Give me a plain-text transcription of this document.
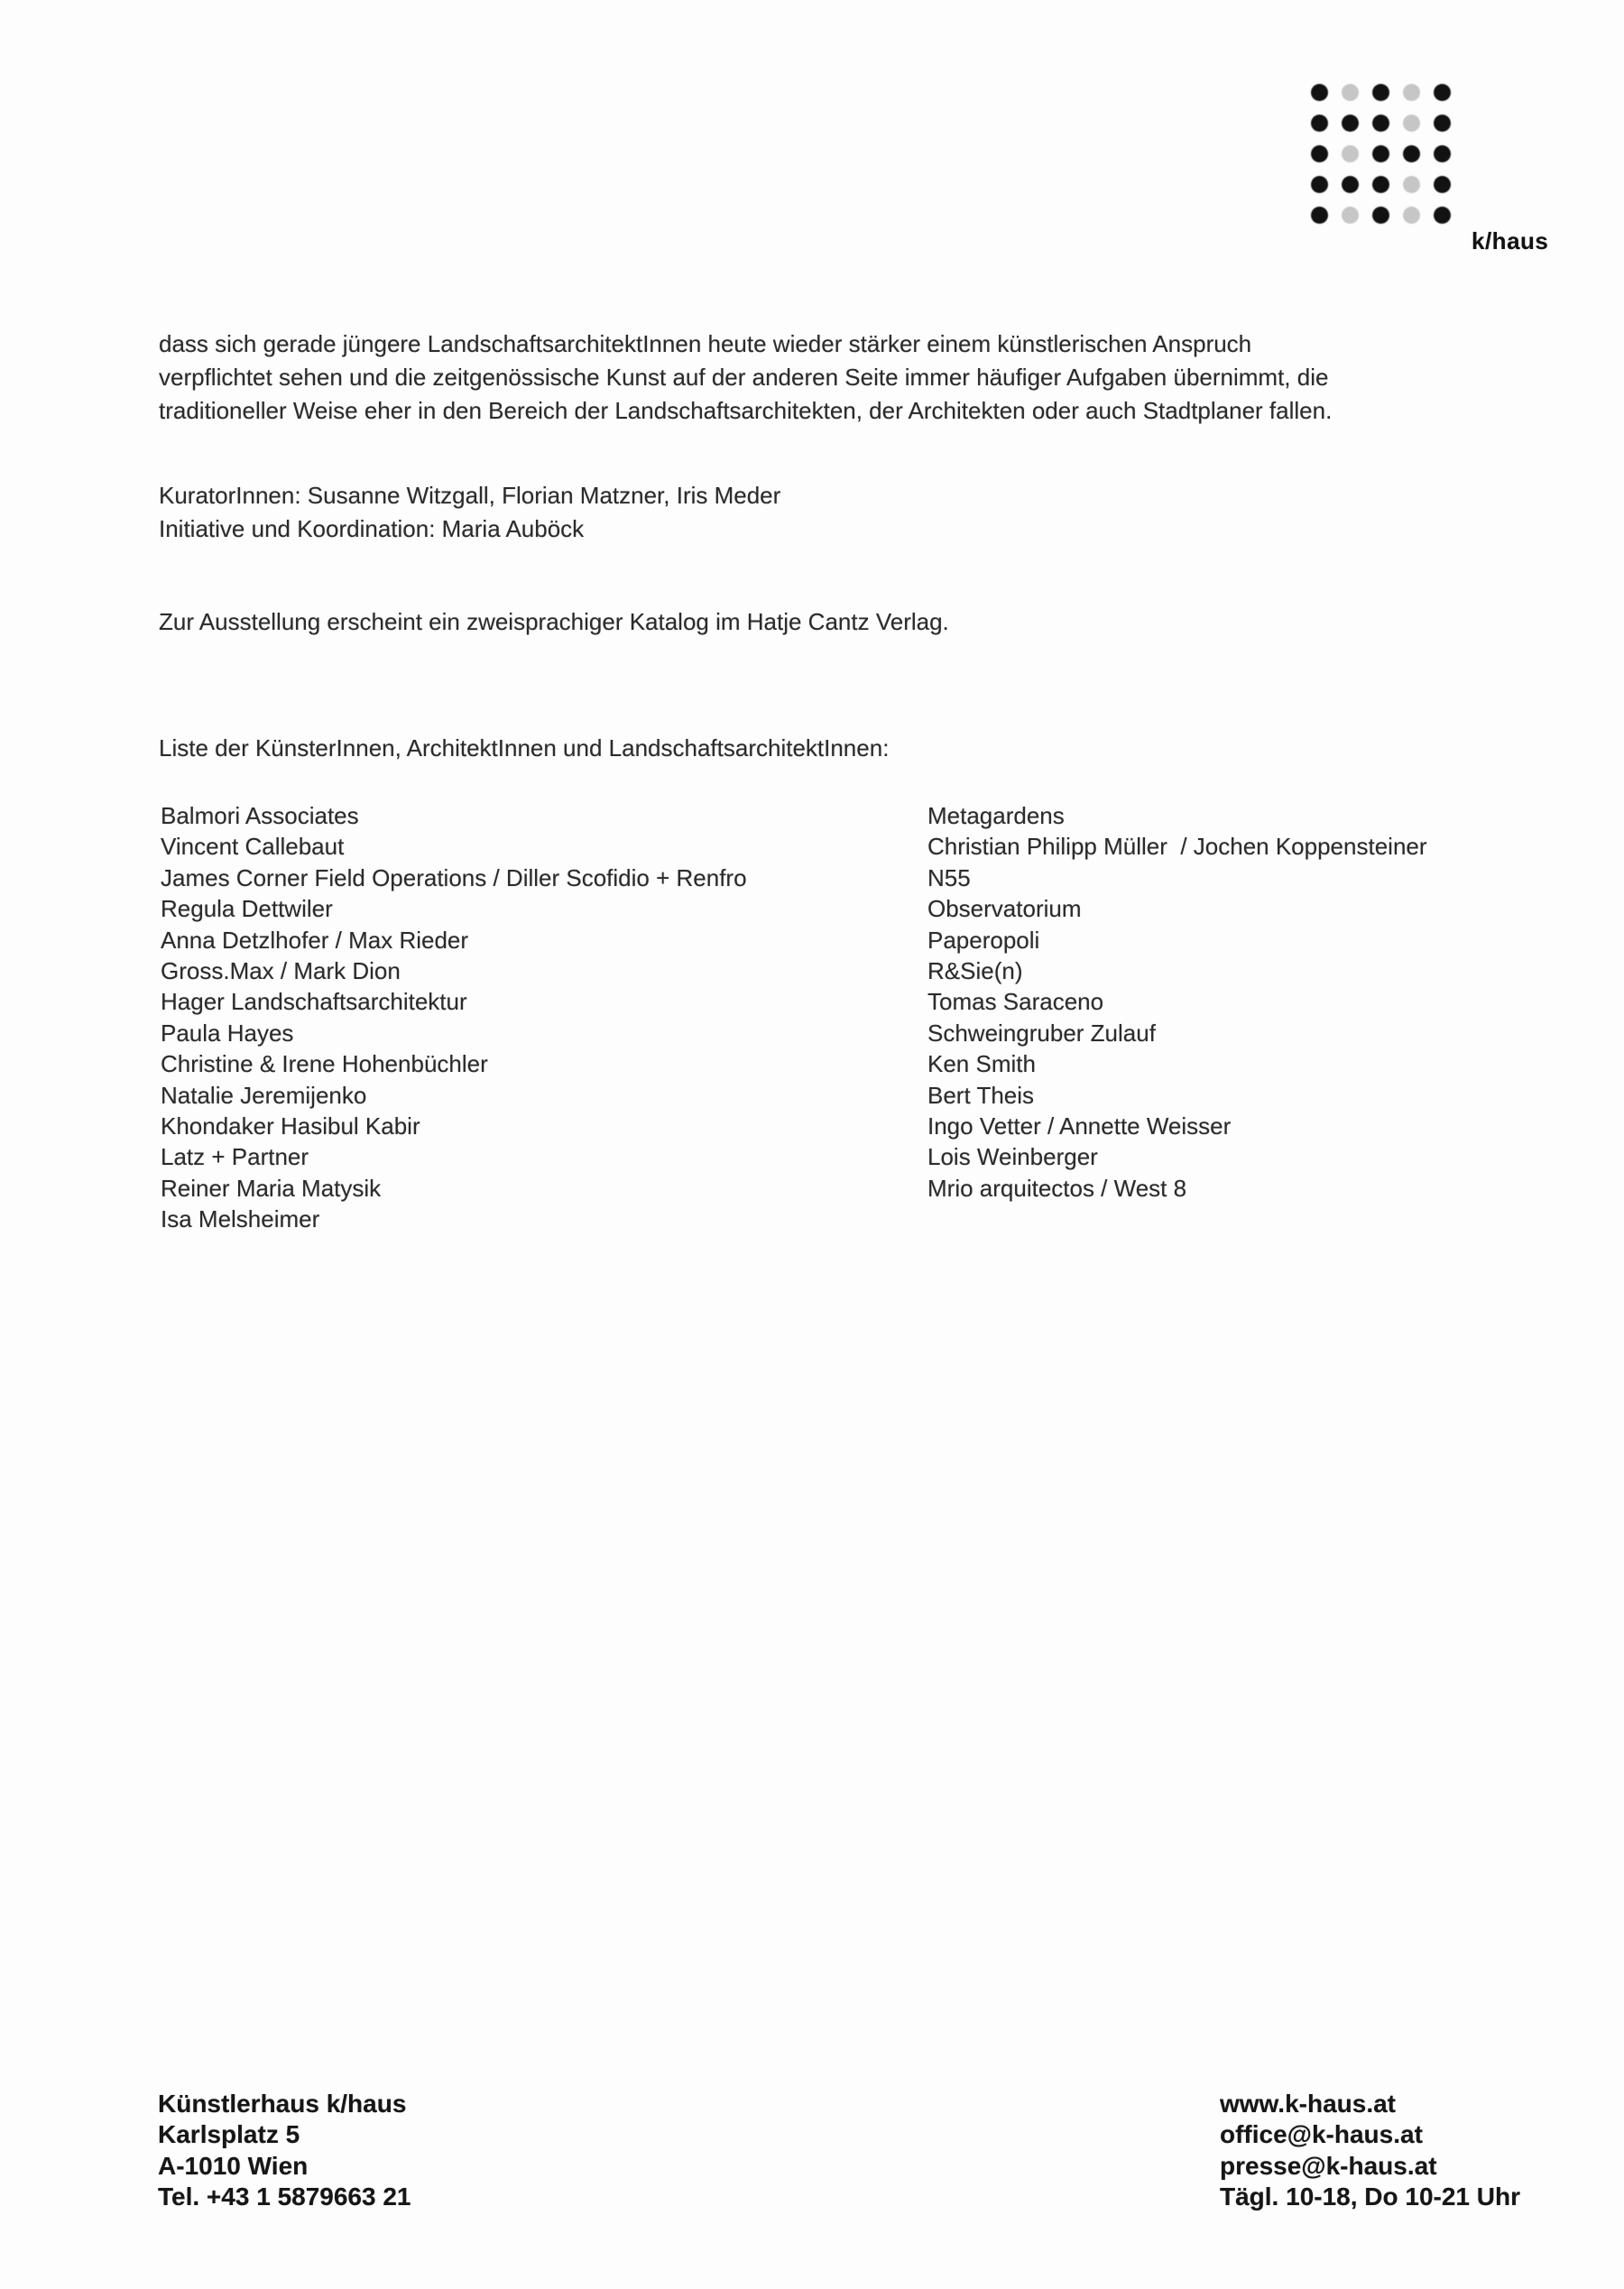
k/haus
dass sich gerade jüngere LandschaftsarchitektInnen heute wieder stärker einem künstlerischen Anspruch
verpflichtet sehen und die zeitgenössische Kunst auf der anderen Seite immer häufiger Aufgaben übernimmt, die
traditioneller Weise eher in den Bereich der Landschaftsarchitekten, der Architekten oder auch Stadtplaner fallen.
KuratorInnen: Susanne Witzgall, Florian Matzner, Iris Meder
Initiative und Koordination: Maria Auböck
Zur Ausstellung erscheint ein zweisprachiger Katalog im Hatje Cantz Verlag.
Liste der KünsterInnen, ArchitektInnen und LandschaftsarchitektInnen:
Balmori Associates
Vincent Callebaut
James Corner Field Operations / Diller Scofidio + Renfro
Regula Dettwiler
Anna Detzlhofer / Max Rieder
Gross.Max / Mark Dion
Hager Landschaftsarchitektur
Paula Hayes
Christine & Irene Hohenbüchler
Natalie Jeremijenko
Khondaker Hasibul Kabir
Latz + Partner
Reiner Maria Matysik
Isa Melsheimer
Metagardens
Christian Philipp Müller  / Jochen Koppensteiner
N55
Observatorium
Paperopoli
R&Sie(n)
Tomas Saraceno
Schweingruber Zulauf
Ken Smith
Bert Theis
Ingo Vetter / Annette Weisser
Lois Weinberger
Mrio arquitectos / West 8
Künstlerhaus k/haus
Karlsplatz 5
A-1010 Wien
Tel. +43 1 5879663 21
www.k-haus.at
office@k-haus.at
presse@k-haus.at
Tägl. 10-18, Do 10-21 Uhr
